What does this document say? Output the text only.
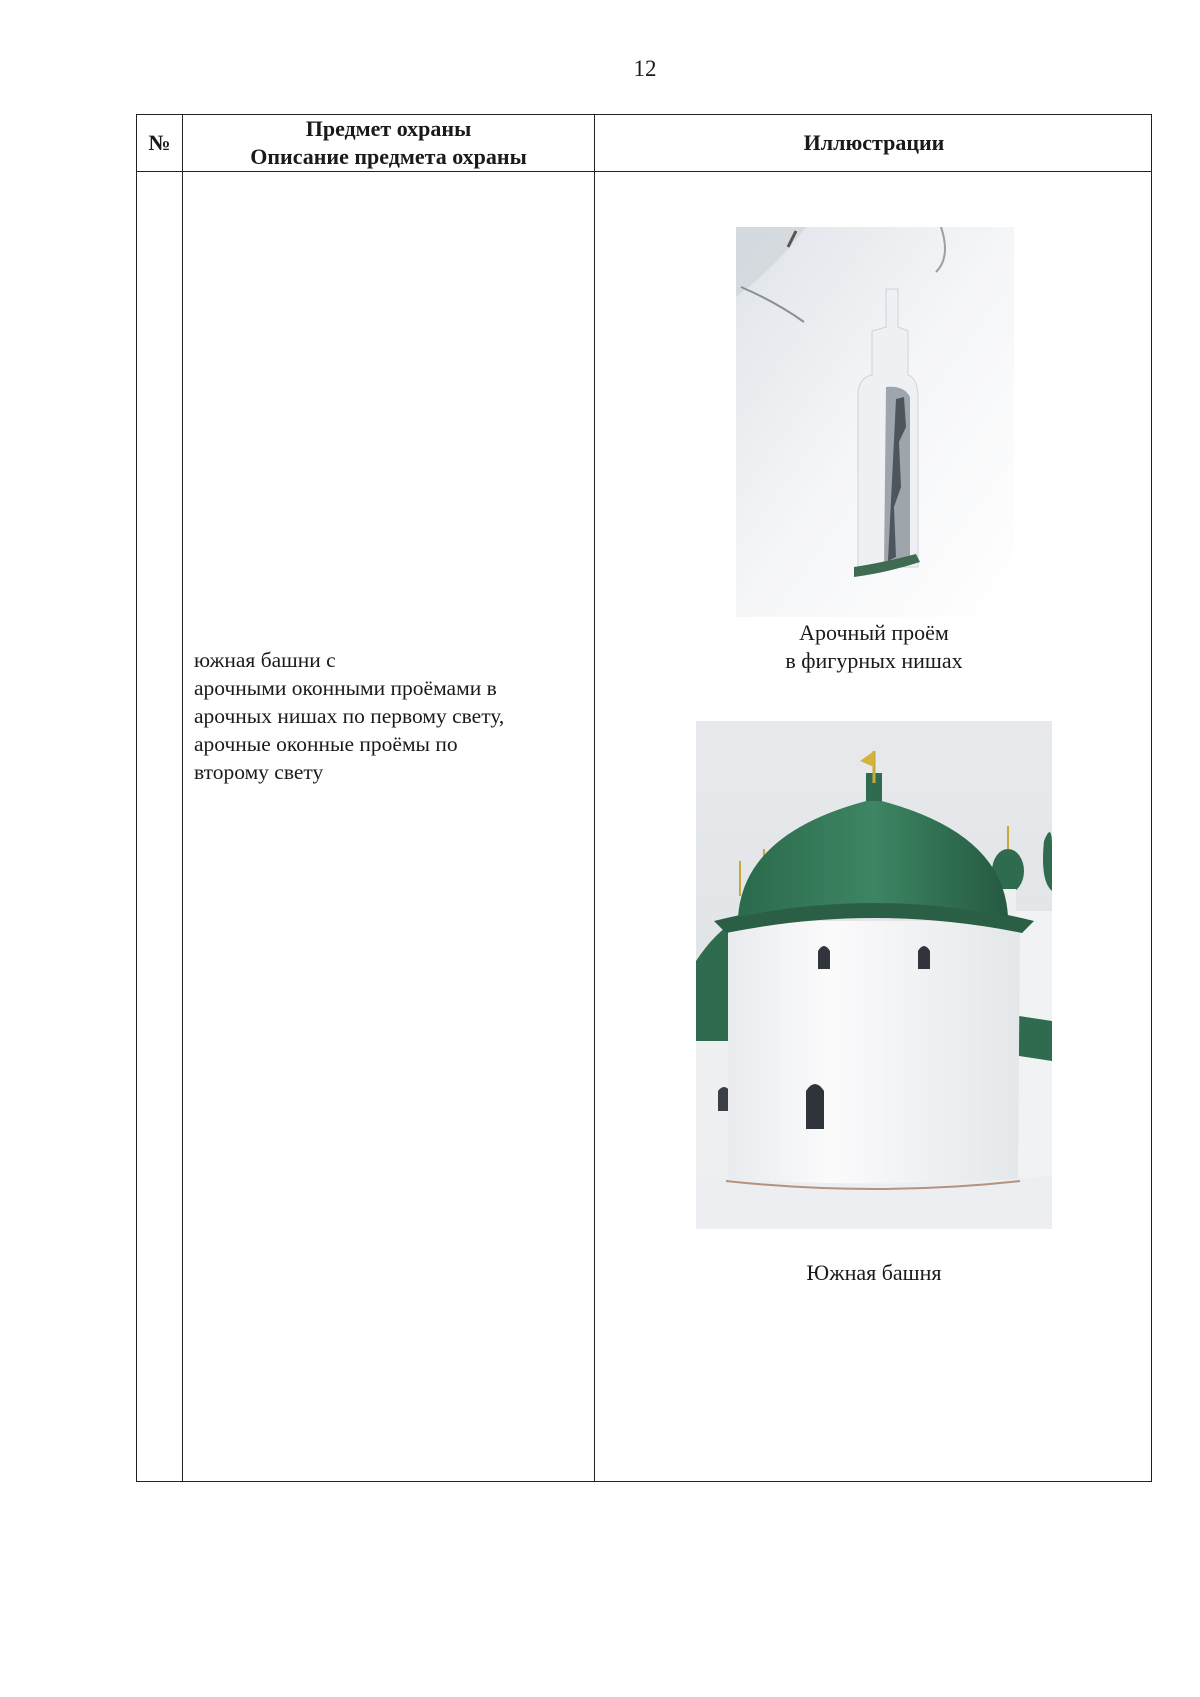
12
№
Предмет охраны
Описание предмета охраны
Иллюстрации
южная башни с
арочными оконными проёмами в
арочных нишах по первому свету,
арочные оконные проёмы по
второму свету
Арочный проём
в фигурных нишах
Южная башня
